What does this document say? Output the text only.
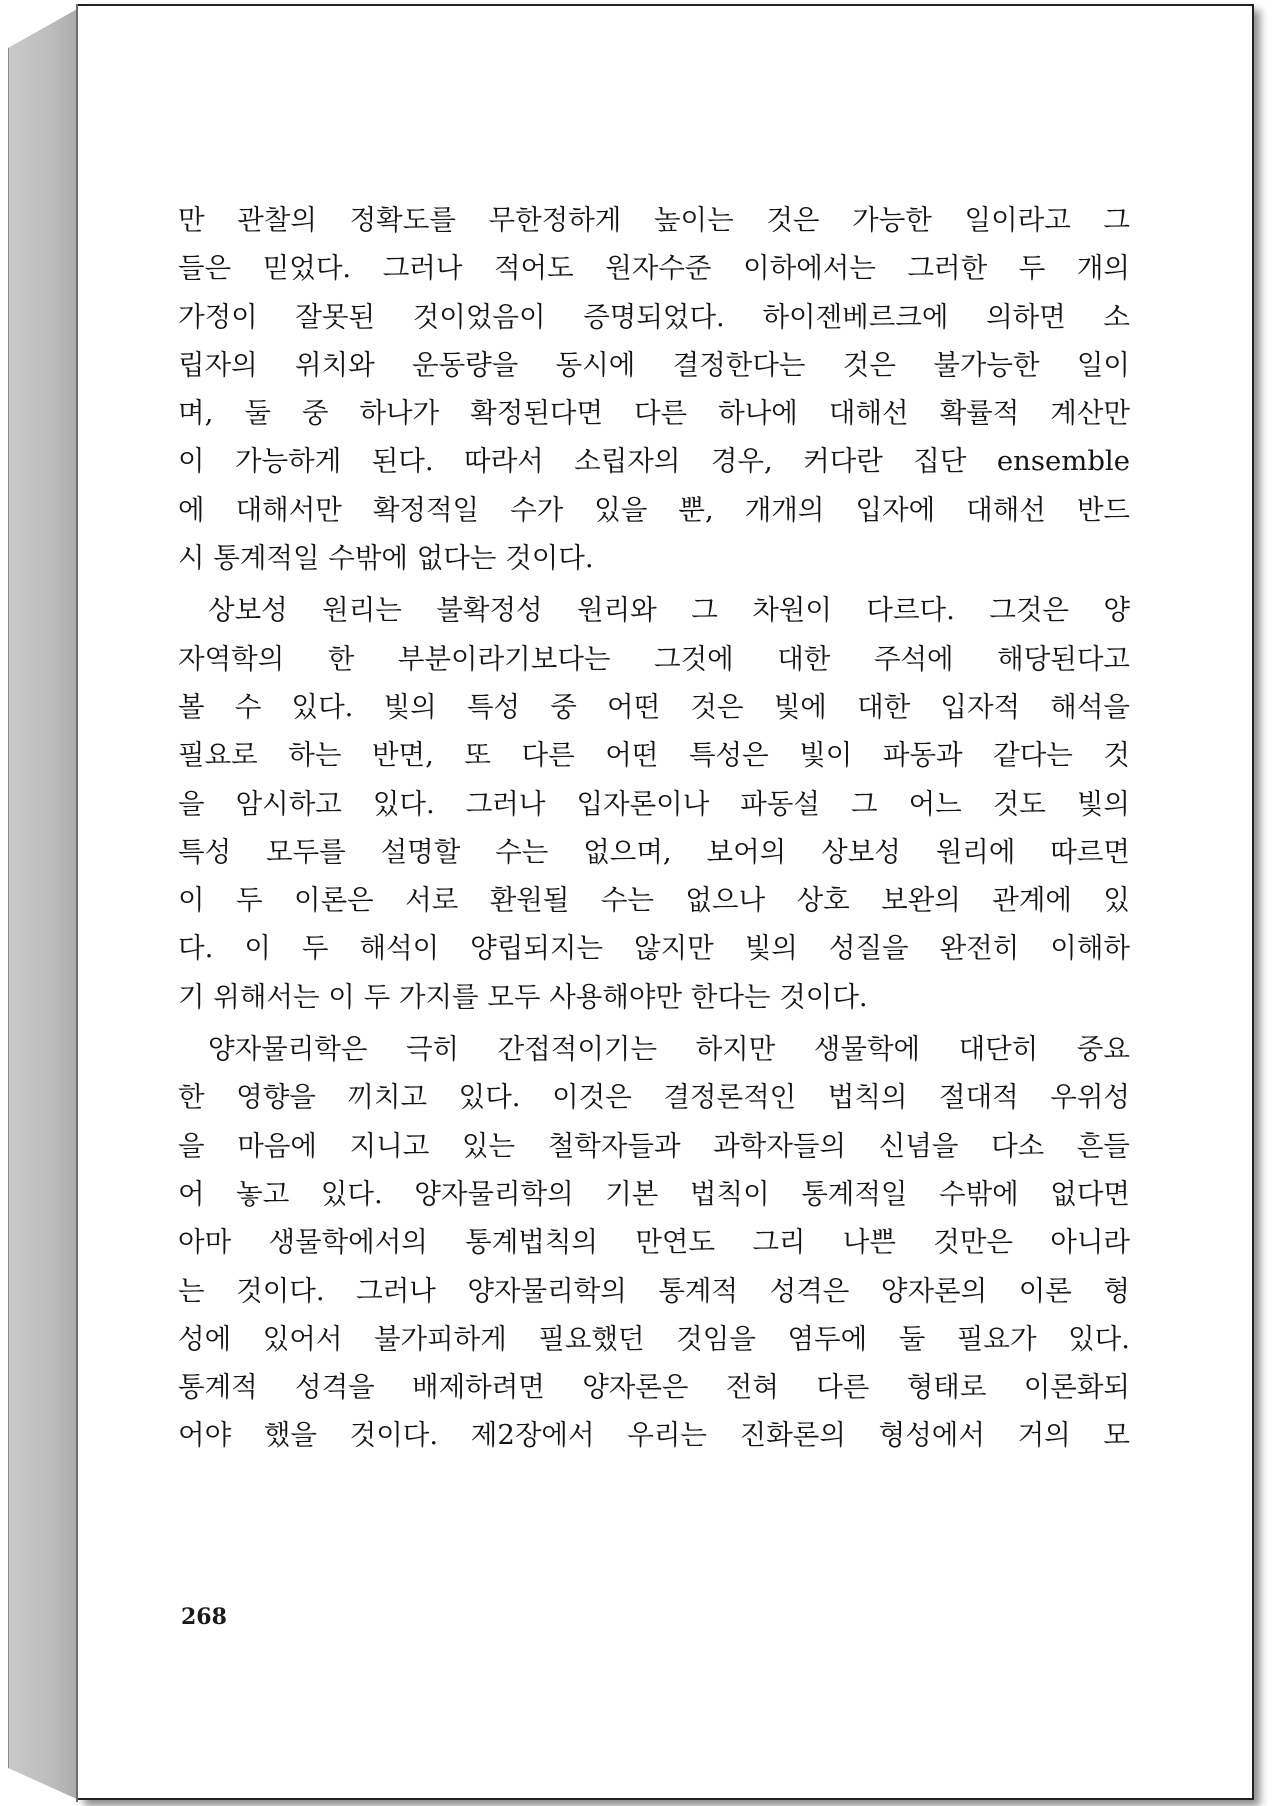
만 관찰의 정확도를 무한정하게 높이는 것은 가능한 일이라고 그
들은 믿었다. 그러나 적어도 원자수준 이하에서는 그러한 두 개의
가정이 잘못된 것이었음이 증명되었다. 하이젠베르크에 의하면 소
립자의 위치와 운동량을 동시에 결정한다는 것은 불가능한 일이
며, 둘 중 하나가 확정된다면 다른 하나에 대해선 확률적 계산만
이 가능하게 된다. 따라서 소립자의 경우, 커다란 집단 ensemble
에 대해서만 확정적일 수가 있을 뿐, 개개의 입자에 대해선 반드
시 통계적일 수밖에 없다는 것이다.
상보성 원리는 불확정성 원리와 그 차원이 다르다. 그것은 양
자역학의 한 부분이라기보다는 그것에 대한 주석에 해당된다고
볼 수 있다. 빛의 특성 중 어떤 것은 빛에 대한 입자적 해석을
필요로 하는 반면, 또 다른 어떤 특성은 빛이 파동과 같다는 것
을 암시하고 있다. 그러나 입자론이나 파동설 그 어느 것도 빛의
특성 모두를 설명할 수는 없으며, 보어의 상보성 원리에 따르면
이 두 이론은 서로 환원될 수는 없으나 상호 보완의 관계에 있
다. 이 두 해석이 양립되지는 않지만 빛의 성질을 완전히 이해하
기 위해서는 이 두 가지를 모두 사용해야만 한다는 것이다.
양자물리학은 극히 간접적이기는 하지만 생물학에 대단히 중요
한 영향을 끼치고 있다. 이것은 결정론적인 법칙의 절대적 우위성
을 마음에 지니고 있는 철학자들과 과학자들의 신념을 다소 흔들
어 놓고 있다. 양자물리학의 기본 법칙이 통계적일 수밖에 없다면
아마 생물학에서의 통계법칙의 만연도 그리 나쁜 것만은 아니라
는 것이다. 그러나 양자물리학의 통계적 성격은 양자론의 이론 형
성에 있어서 불가피하게 필요했던 것임을 염두에 둘 필요가 있다.
통계적 성격을 배제하려면 양자론은 전혀 다른 형태로 이론화되
어야 했을 것이다. 제2장에서 우리는 진화론의 형성에서 거의 모
268
